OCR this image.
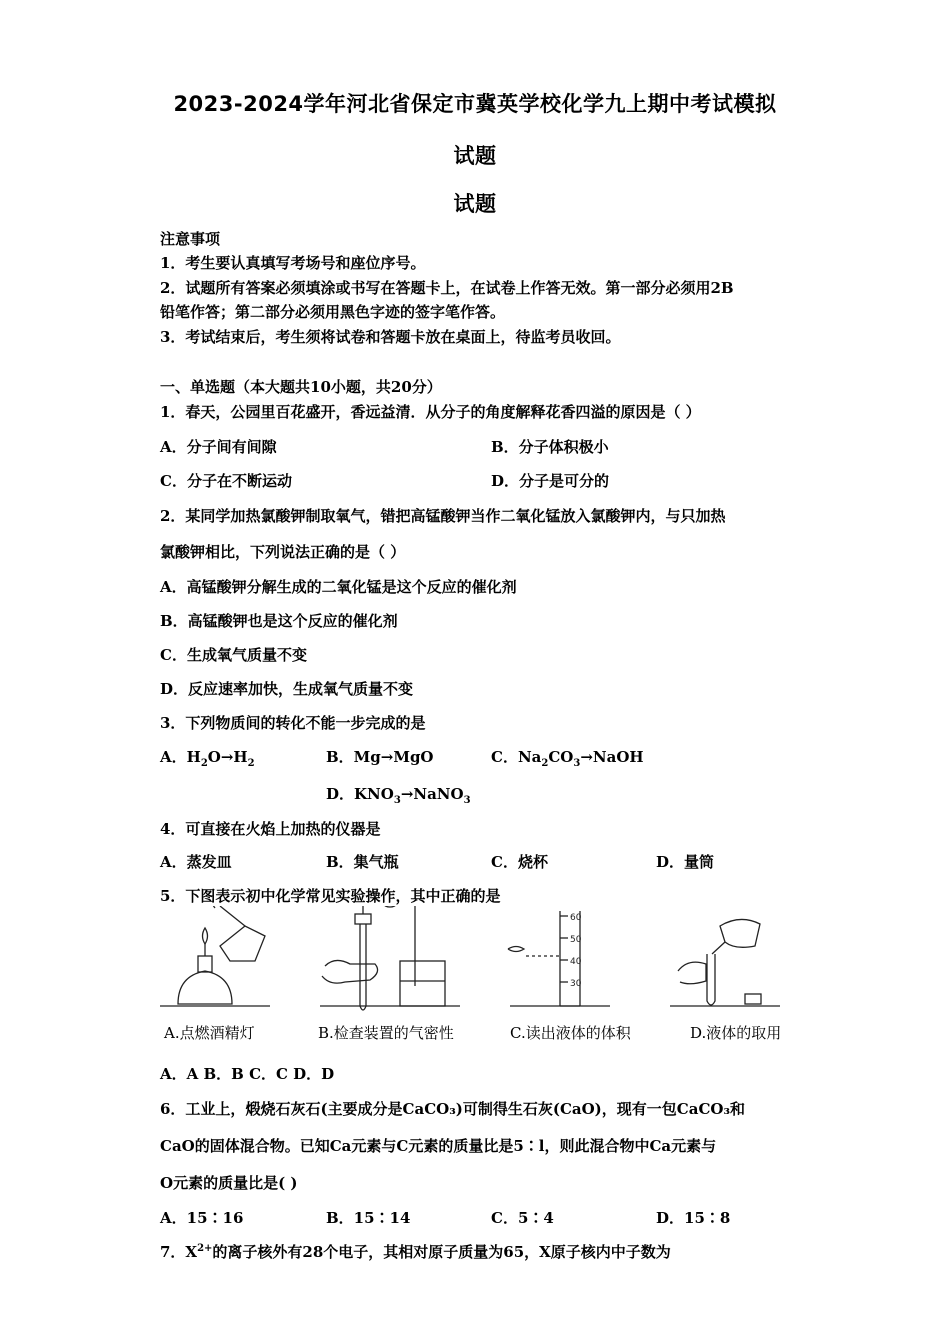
2023-2024学年河北省保定市冀英学校化学九上期中考试模拟
试题
试题
注意事项
1．考生要认真填写考场号和座位序号。
2．试题所有答案必须填涂或书写在答题卡上，在试卷上作答无效。第一部分必须用2B
铅笔作答；第二部分必须用黑色字迹的签字笔作答。
3．考试结束后，考生须将试卷和答题卡放在桌面上，待监考员收回。
一、单选题（本大题共10小题，共20分）
1．春天，公园里百花盛开，香远益清．从分子的角度解释花香四溢的原因是（ ）
A．分子间有间隙	B．分子体积极小
C．分子在不断运动	D．分子是可分的
2．某同学加热氯酸钾制取氧气，错把高锰酸钾当作二氧化锰放入氯酸钾内，与只加热
氯酸钾相比，下列说法正确的是（ ）
A．高锰酸钾分解生成的二氧化锰是这个反应的催化剂
B．高锰酸钾也是这个反应的催化剂
C．生成氧气质量不变
D．反应速率加快，生成氧气质量不变
3．下列物质间的转化不能一步完成的是
A．$H_2O\to H_2$	B．Mg→MgO	C．$Na_2CO_3\to NaOH$
D．$KNO_3\to NaNO_3$
4．可直接在火焰上加热的仪器是
A．蒸发皿	B．集气瓶	C．烧杯	D．量筒
5．下图表示初中化学常见实验操作，其中正确的是
60
50
40
30
A.点燃酒精灯	B.检查装置的气密性	C.读出液体的体积	D.液体的取用
A．A B．B C．C D．D
6．工业上，煅烧石灰石(主要成分是CaCO₃)可制得生石灰(CaO)，现有一包CaCO₃和
CaO的固体混合物。已知Ca元素与C元素的质量比是5∶l，则此混合物中Ca元素与
O元素的质量比是( )
A．15∶16	B．15∶14	C．5∶4	D．15∶8
7．$X^{2+}$的离子核外有28个电子，其相对原子质量为65，X原子核内中子数为
